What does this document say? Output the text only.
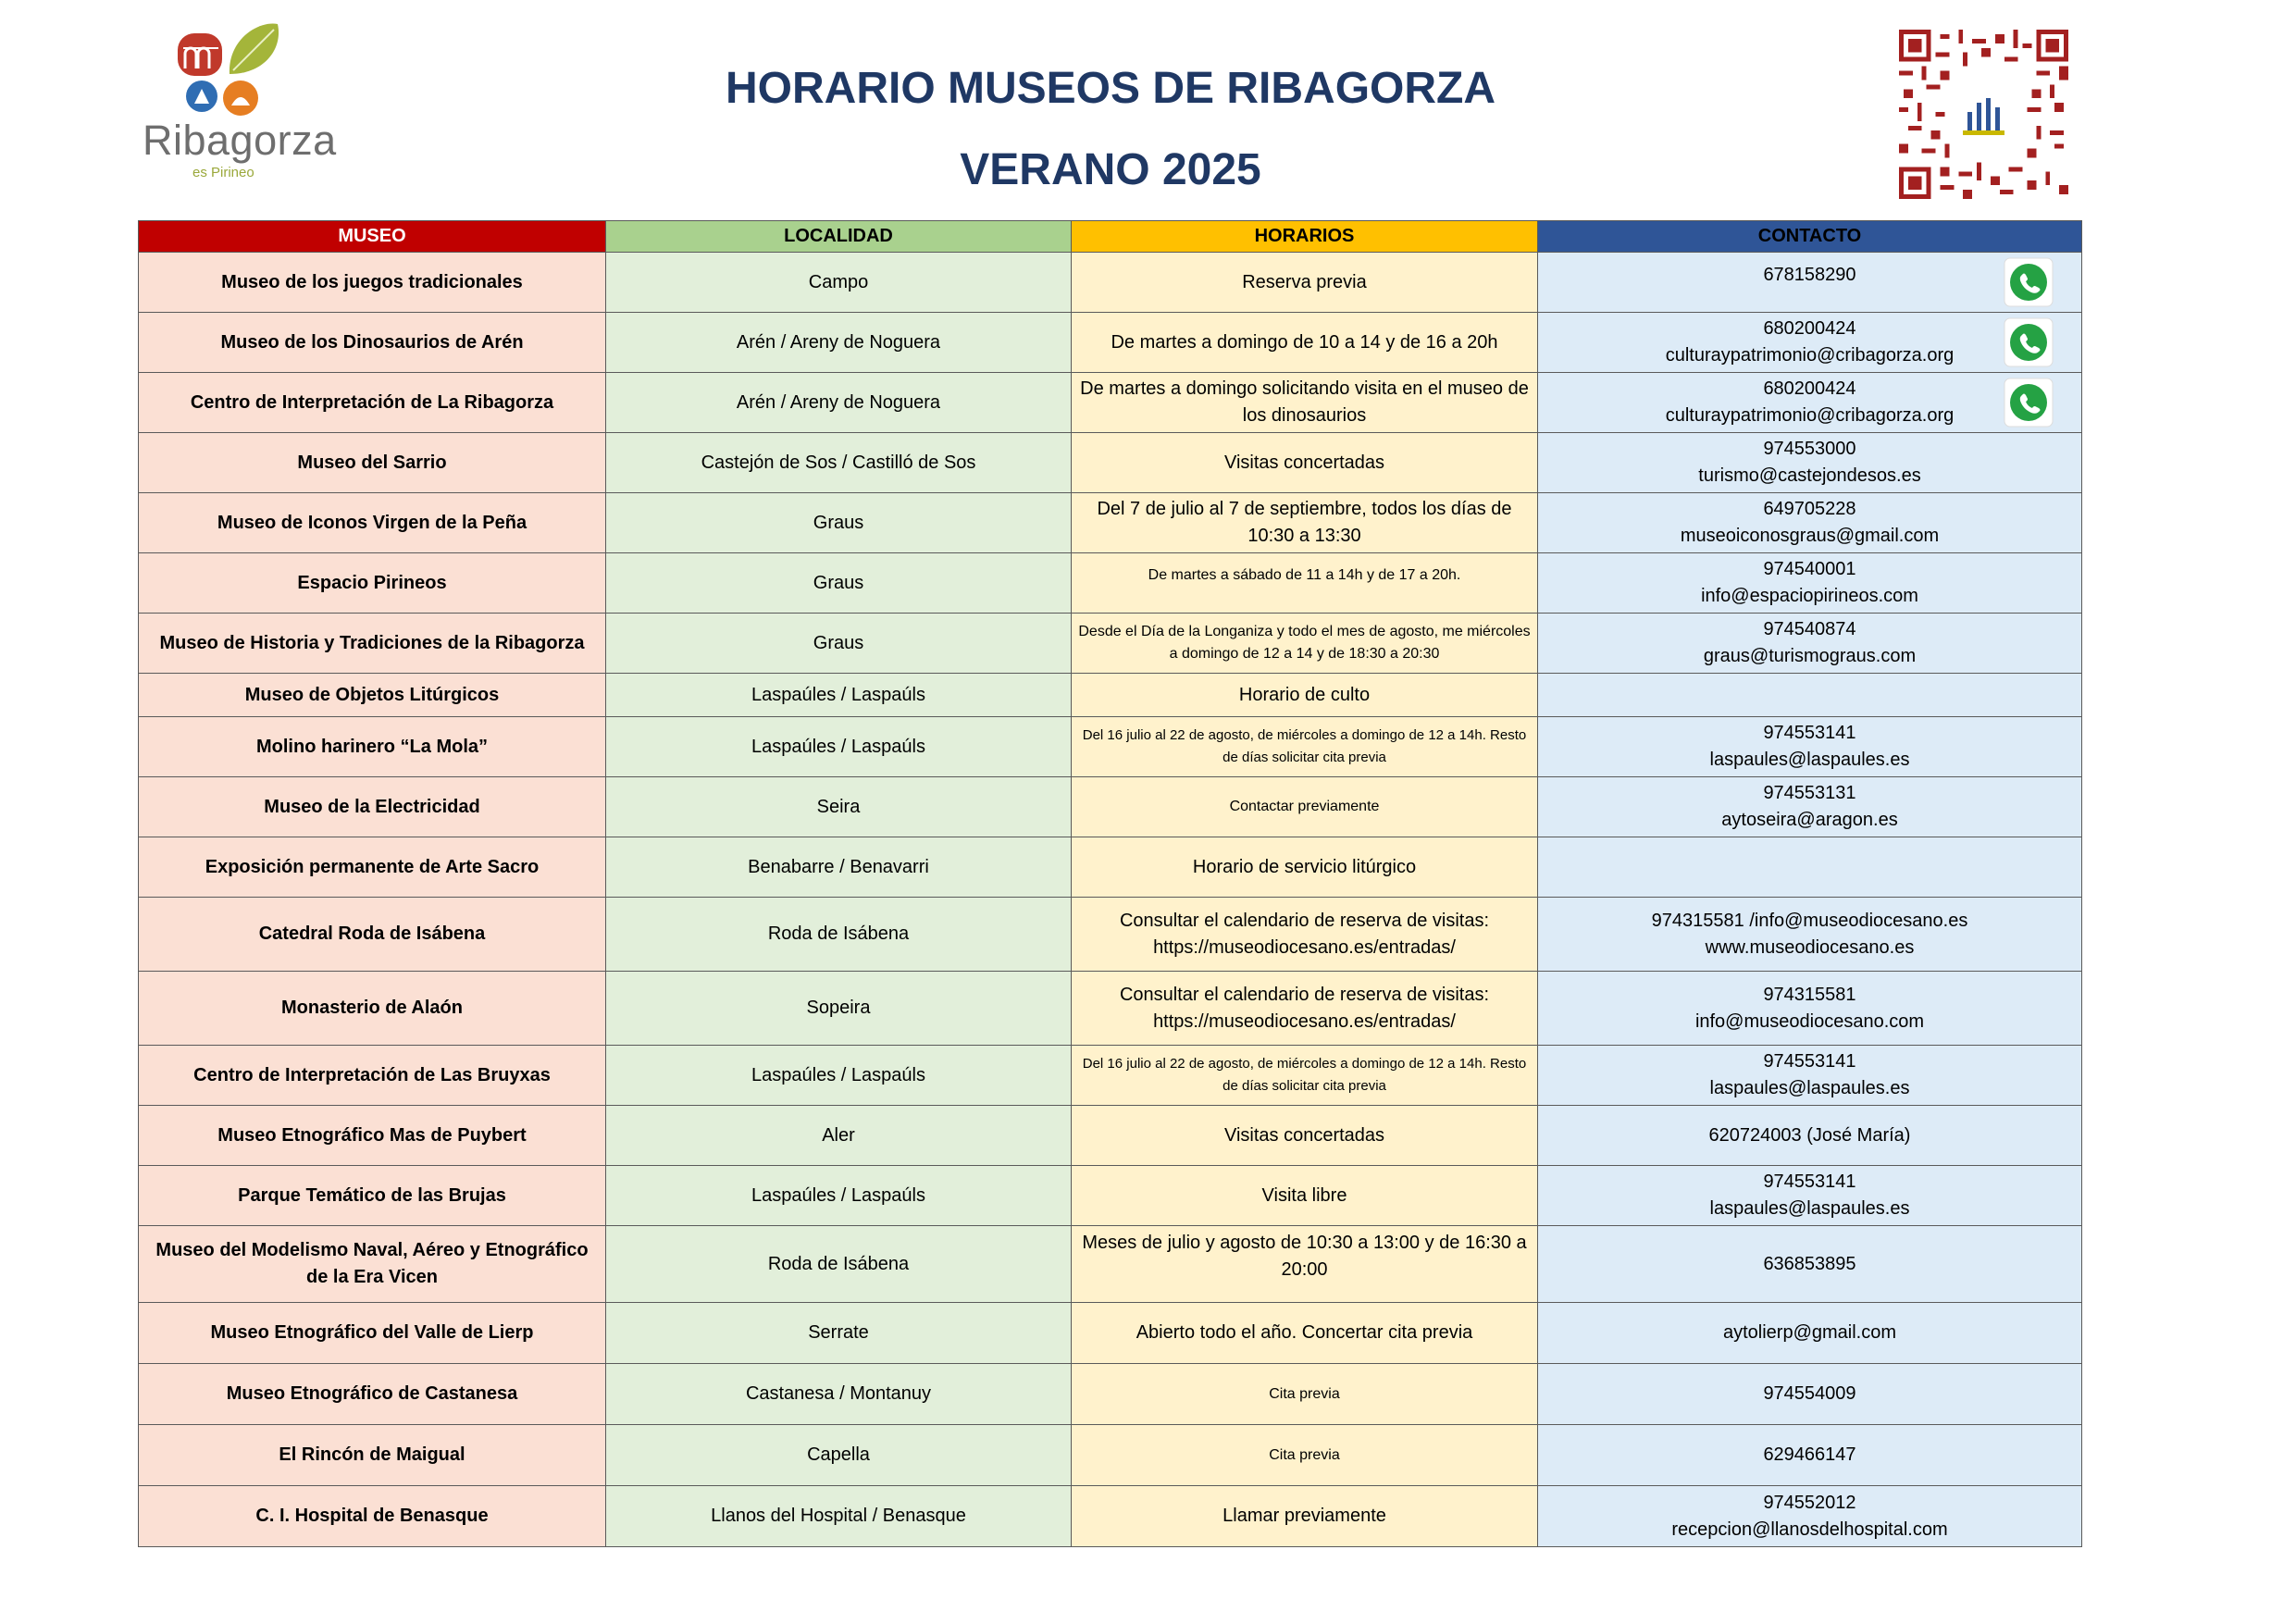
Ribagorza
es Pirineo
HORARIO MUSEOS DE RIBAGORZA
VERANO 2025
MUSEO	LOCALIDAD	HORARIOS	CONTACTO
Museo de los juegos tradicionales	Campo	Reserva previa	678158290

Museo de los Dinosaurios de Arén	Arén / Areny de Noguera	De martes a domingo de 10 a 14 y de 16 a 20h	680200424
culturaypatrimonio@cribagorza.org

Centro de Interpretación de La Ribagorza	Arén / Areny de Noguera	De martes a domingo solicitando visita en el museo de los dinosaurios	680200424
culturaypatrimonio@cribagorza.org

Museo del Sarrio	Castejón de Sos / Castilló de Sos	Visitas concertadas	974553000
turismo@castejondesos.es

Museo de Iconos Virgen de la Peña	Graus	Del 7 de julio al 7 de septiembre, todos los días de 10:30 a 13:30	649705228
museoiconosgraus@gmail.com

Espacio Pirineos	Graus	De martes a sábado de 11 a 14h y de 17 a 20h.	974540001
info@espaciopirineos.com

Museo de Historia y Tradiciones de la Ribagorza	Graus	Desde el Día de la Longaniza y todo el mes de agosto, me miércoles a domingo de 12 a 14 y de 18:30 a 20:30	974540874
graus@turismograus.com

Museo de Objetos Litúrgicos	Laspaúles / Laspaúls	Horario de culto	
Molino harinero “La Mola”	Laspaúles / Laspaúls	Del 16 julio al 22 de agosto, de miércoles a domingo de 12 a 14h. Resto de días solicitar cita previa	974553141
laspaules@laspaules.es

Museo de la Electricidad	Seira	Contactar previamente	974553131
aytoseira@aragon.es

Exposición permanente de Arte Sacro	Benabarre / Benavarri	Horario de servicio litúrgico	
Catedral Roda de Isábena	Roda de Isábena	Consultar el calendario de reserva de visitas: https://museodiocesano.es/entradas/	974315581 /info@museodiocesano.es
www.museodiocesano.es

Monasterio de Alaón	Sopeira	Consultar el calendario de reserva de visitas: https://museodiocesano.es/entradas/	974315581
info@museodiocesano.com

Centro de Interpretación de Las Bruyxas	Laspaúles / Laspaúls	Del 16 julio al 22 de agosto, de miércoles a domingo de 12 a 14h. Resto de días solicitar cita previa	974553141
laspaules@laspaules.es

Museo Etnográfico Mas de Puybert	Aler	Visitas concertadas	620724003 (José María)

Parque Temático de las Brujas	Laspaúles / Laspaúls	Visita libre	974553141
laspaules@laspaules.es

Museo del Modelismo Naval, Aéreo y Etnográfico de la Era Vicen	Roda de Isábena	Meses de julio y agosto de 10:30 a 13:00 y de 16:30 a 20:00	636853895

Museo Etnográfico del Valle de Lierp	Serrate	Abierto todo el año. Concertar cita previa	aytolierp@gmail.com

Museo Etnográfico de Castanesa	Castanesa / Montanuy	Cita previa	974554009

El Rincón de Maigual	Capella	Cita previa	629466147

C. I. Hospital de Benasque	Llanos del Hospital / Benasque	Llamar previamente	974552012
recepcion@llanosdelhospital.com
